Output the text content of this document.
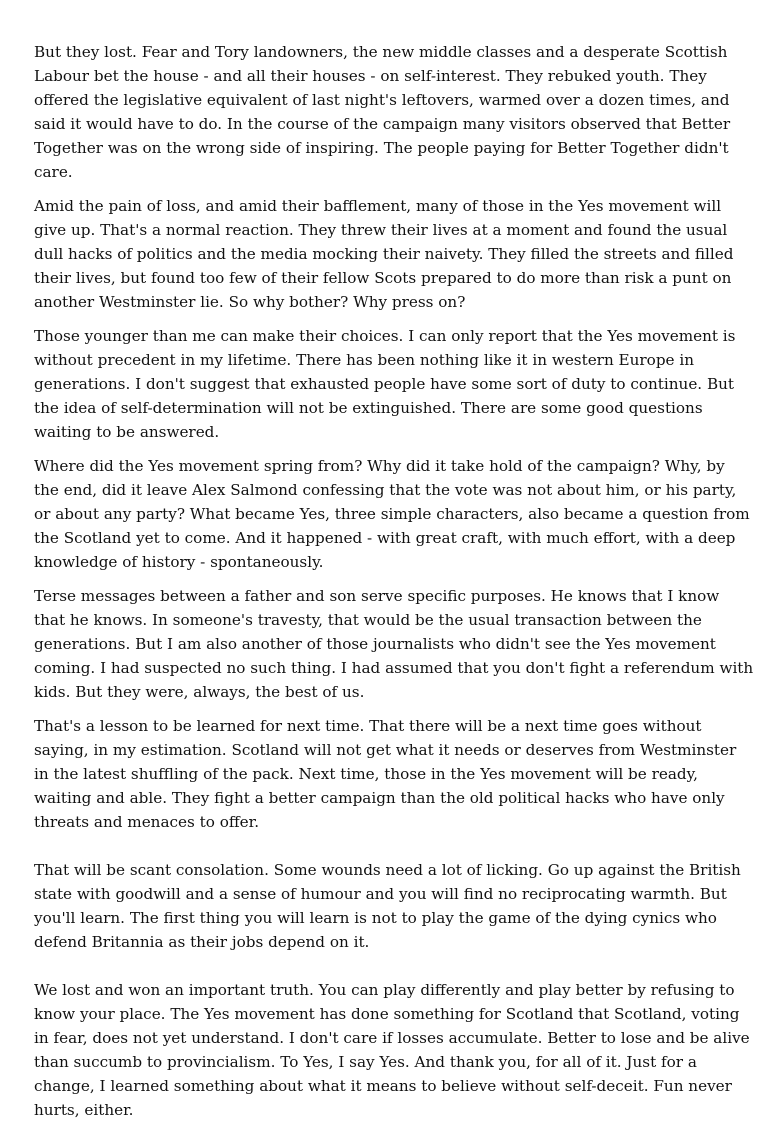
But they lost. Fear and Tory landowners, the new middle classes and a desperate Scottish Labour bet the house - and all their houses - on self-interest. They rebuked youth. They offered the legislative equivalent of last night's leftovers, warmed over a dozen times, and said it would have to do. In the course of the campaign many visitors observed that Better Together was on the wrong side of inspiring. The people paying for Better Together didn't care.

Amid the pain of loss, and amid their bafflement, many of those in the Yes movement will give up. That's a normal reaction. They threw their lives at a moment and found the usual dull hacks of politics and the media mocking their naivety. They filled the streets and filled their lives, but found too few of their fellow Scots prepared to do more than risk a punt on another Westminster lie. So why bother? Why press on?

Those younger than me can make their choices. I can only report that the Yes movement is without precedent in my lifetime. There has been nothing like it in western Europe in generations. I don't suggest that exhausted people have some sort of duty to continue. But the idea of self-determination will not be extinguished. There are some good questions waiting to be answered.

Where did the Yes movement spring from? Why did it take hold of the campaign? Why, by the end, did it leave Alex Salmond confessing that the vote was not about him, or his party, or about any party? What became Yes, three simple characters, also became a question from the Scotland yet to come. And it happened - with great craft, with much effort, with a deep knowledge of history - spontaneously.

Terse messages between a father and son serve specific purposes. He knows that I know that he knows. In someone's travesty, that would be the usual transaction between the generations. But I am also another of those journalists who didn't see the Yes movement coming. I had suspected no such thing. I had assumed that you don't fight a referendum with kids. But they were, always, the best of us.

That's a lesson to be learned for next time. That there will be a next time goes without saying, in my estimation. Scotland will not get what it needs or deserves from Westminster in the latest shuffling of the pack. Next time, those in the Yes movement will be ready, waiting and able. They fight a better campaign than the old political hacks who have only threats and menaces to offer.

That will be scant consolation. Some wounds need a lot of licking. Go up against the British state with goodwill and a sense of humour and you will find no reciprocating warmth. But you'll learn. The first thing you will learn is not to play the game of the dying cynics who defend Britannia as their jobs depend on it.

We lost and won an important truth. You can play differently and play better by refusing to know your place. The Yes movement has done something for Scotland that Scotland, voting in fear, does not yet understand. I don't care if losses accumulate. Better to lose and be alive than succumb to provincialism. To Yes, I say Yes. And thank you, for all of it. Just for a change, I learned something about what it means to believe without self-deceit. Fun never hurts, either.
